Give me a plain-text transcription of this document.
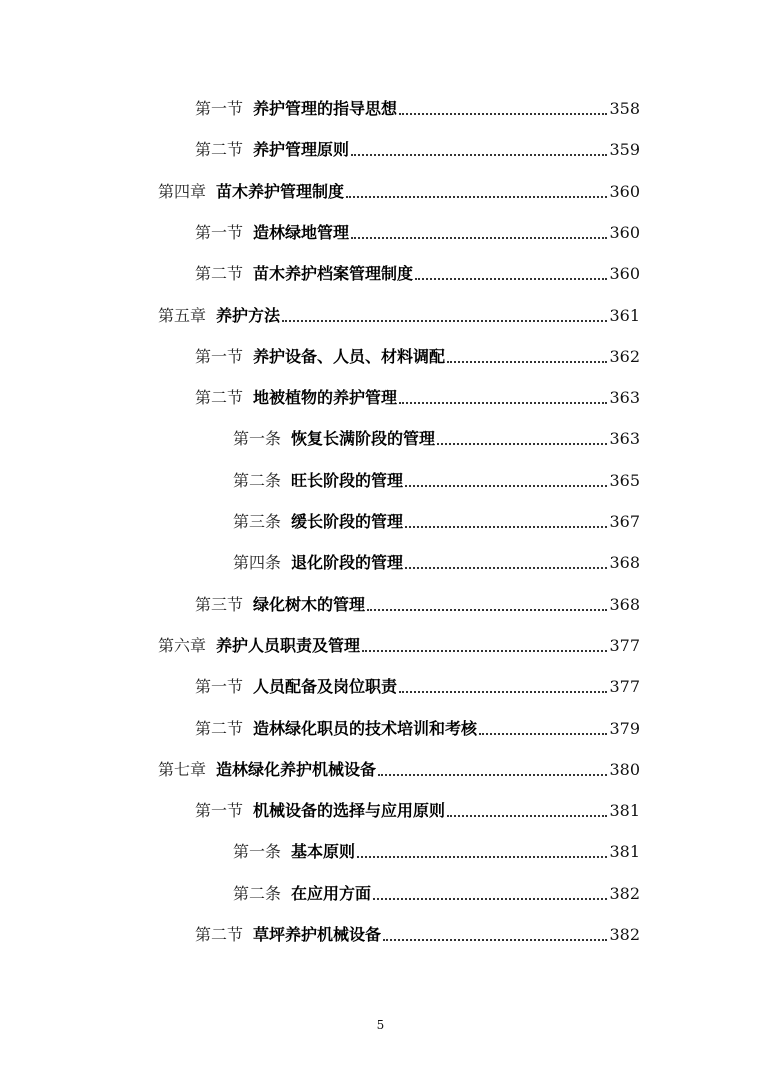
第一节 养护管理的指导思想	358
第二节 养护管理原则	359
第四章 苗木养护管理制度	360
第一节 造林绿地管理	360
第二节 苗木养护档案管理制度	360
第五章 养护方法	361
第一节 养护设备、人员、材料调配	362
第二节 地被植物的养护管理	363
第一条 恢复长满阶段的管理	363
第二条 旺长阶段的管理	365
第三条 缓长阶段的管理	367
第四条 退化阶段的管理	368
第三节 绿化树木的管理	368
第六章 养护人员职责及管理	377
第一节 人员配备及岗位职责	377
第二节 造林绿化职员的技术培训和考核	379
第七章 造林绿化养护机械设备	380
第一节 机械设备的选择与应用原则	381
第一条 基本原则	381
第二条 在应用方面	382
第二节 草坪养护机械设备	382
5
